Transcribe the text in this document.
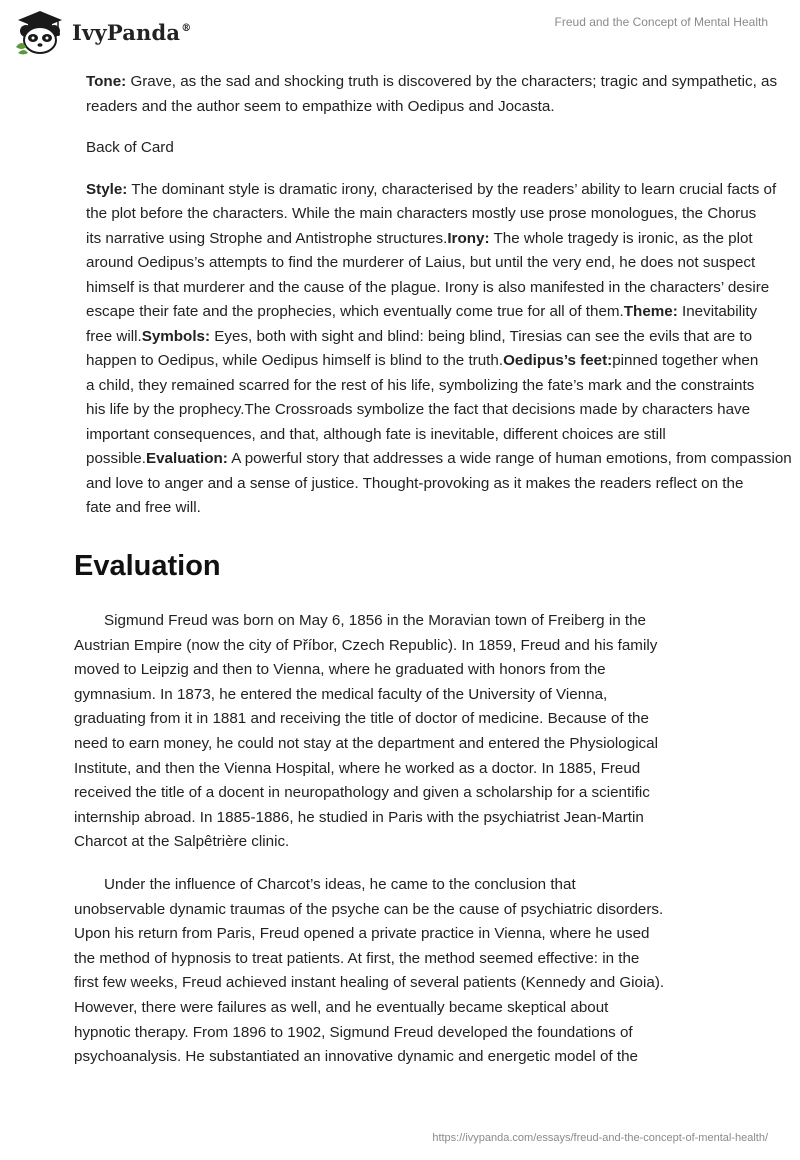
IvyPanda®	Freud and the Concept of Mental Health

Tone: Grave, as the sad and shocking truth is discovered by the characters; tragic and sympathetic, as

readers and the author seem to empathize with Oedipus and Jocasta.

Back of Card

Style: The dominant style is dramatic irony, characterised by the readers’ ability to learn crucial facts of

the plot before the characters. While the main characters mostly use prose monologues, the Chorus

its narrative using Strophe and Antistrophe structures.Irony: The whole tragedy is ironic, as the plot

around Oedipus’s attempts to find the murderer of Laius, but until the very end, he does not suspect

himself is that murderer and the cause of the plague. Irony is also manifested in the characters’ desire

escape their fate and the prophecies, which eventually come true for all of them.Theme: Inevitability

free will.Symbols: Eyes, both with sight and blind: being blind, Tiresias can see the evils that are to

happen to Oedipus, while Oedipus himself is blind to the truth.Oedipus’s feet:pinned together when

a child, they remained scarred for the rest of his life, symbolizing the fate’s mark and the constraints

his life by the prophecy.The Crossroads symbolize the fact that decisions made by characters have

important consequences, and that, although fate is inevitable, different choices are still

possible.Evaluation: A powerful story that addresses a wide range of human emotions, from compassion

and love to anger and a sense of justice. Thought-provoking as it makes the readers reflect on the

fate and free will.

Evaluation

Sigmund Freud was born on May 6, 1856 in the Moravian town of Freiberg in the

Austrian Empire (now the city of Příbor, Czech Republic). In 1859, Freud and his family

moved to Leipzig and then to Vienna, where he graduated with honors from the

gymnasium. In 1873, he entered the medical faculty of the University of Vienna,

graduating from it in 1881 and receiving the title of doctor of medicine. Because of the

need to earn money, he could not stay at the department and entered the Physiological

Institute, and then the Vienna Hospital, where he worked as a doctor. In 1885, Freud

received the title of a docent in neuropathology and given a scholarship for a scientific

internship abroad. In 1885-1886, he studied in Paris with the psychiatrist Jean-Martin

Charcot at the Salpêtrière clinic.

Under the influence of Charcot’s ideas, he came to the conclusion that

unobservable dynamic traumas of the psyche can be the cause of psychiatric disorders.

Upon his return from Paris, Freud opened a private practice in Vienna, where he used

the method of hypnosis to treat patients. At first, the method seemed effective: in the

first few weeks, Freud achieved instant healing of several patients (Kennedy and Gioia).

However, there were failures as well, and he eventually became skeptical about

hypnotic therapy. From 1896 to 1902, Sigmund Freud developed the foundations of

psychoanalysis. He substantiated an innovative dynamic and energetic model of the

https://ivypanda.com/essays/freud-and-the-concept-of-mental-health/
